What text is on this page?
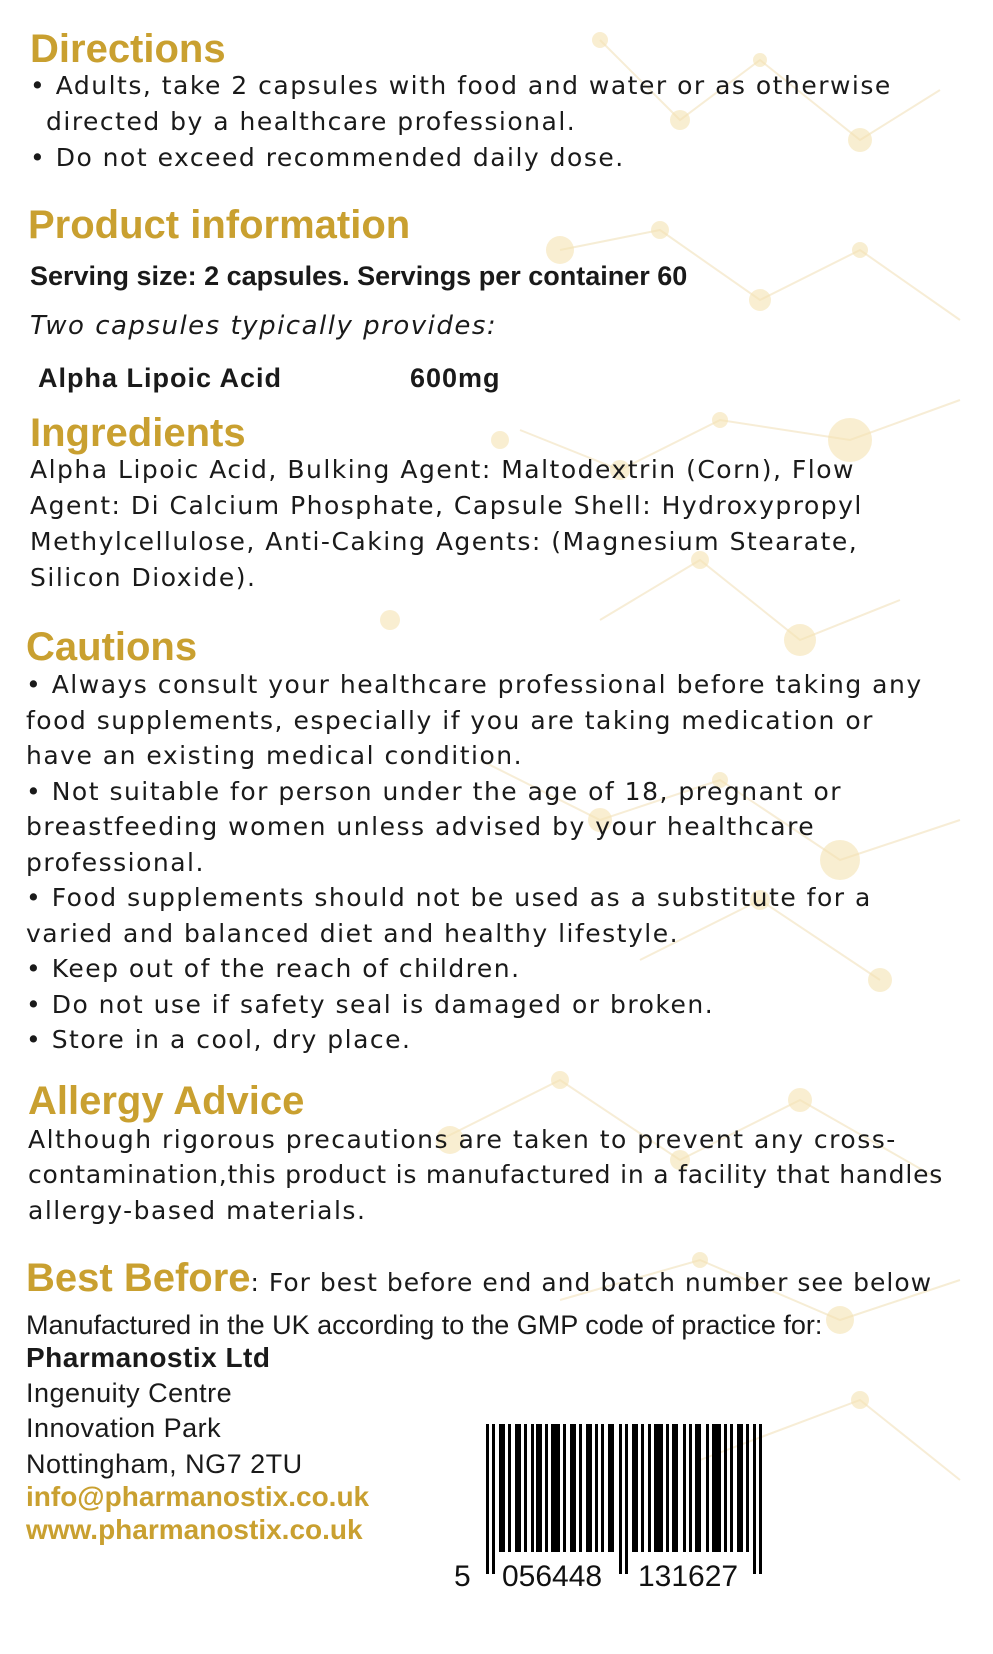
Directions
• Adults, take 2 capsules with food and water or as otherwise
directed by a healthcare professional.
• Do not exceed recommended daily dose.
Product information
Serving size: 2 capsules. Servings per container 60
Two capsules typically provides:
Alpha Lipoic Acid	600mg
Ingredients
Alpha Lipoic Acid, Bulking Agent: Maltodextrin (Corn), Flow
Agent: Di Calcium Phosphate, Capsule Shell: Hydroxypropyl
Methylcellulose, Anti-Caking Agents: (Magnesium Stearate,
Silicon Dioxide).
Cautions
• Always consult your healthcare professional before taking any
food supplements, especially if you are taking medication or
have an existing medical condition.
• Not suitable for person under the age of 18, pregnant or
breastfeeding women unless advised by your healthcare
professional.
• Food supplements should not be used as a substitute for a
varied and balanced diet and healthy lifestyle.
• Keep out of the reach of children.
• Do not use if safety seal is damaged or broken.
• Store in a cool, dry place.
Allergy Advice
Although rigorous precautions are taken to prevent any cross-
contamination,this product is manufactured in a facility that handles
allergy-based materials.
Best Before: For best before end and batch number see below
Manufactured in the UK according to the GMP code of practice for:
Pharmanostix Ltd
Ingenuity Centre
Innovation Park
Nottingham, NG7 2TU
info@pharmanostix.co.uk
www.pharmanostix.co.uk
5 056448 131627
